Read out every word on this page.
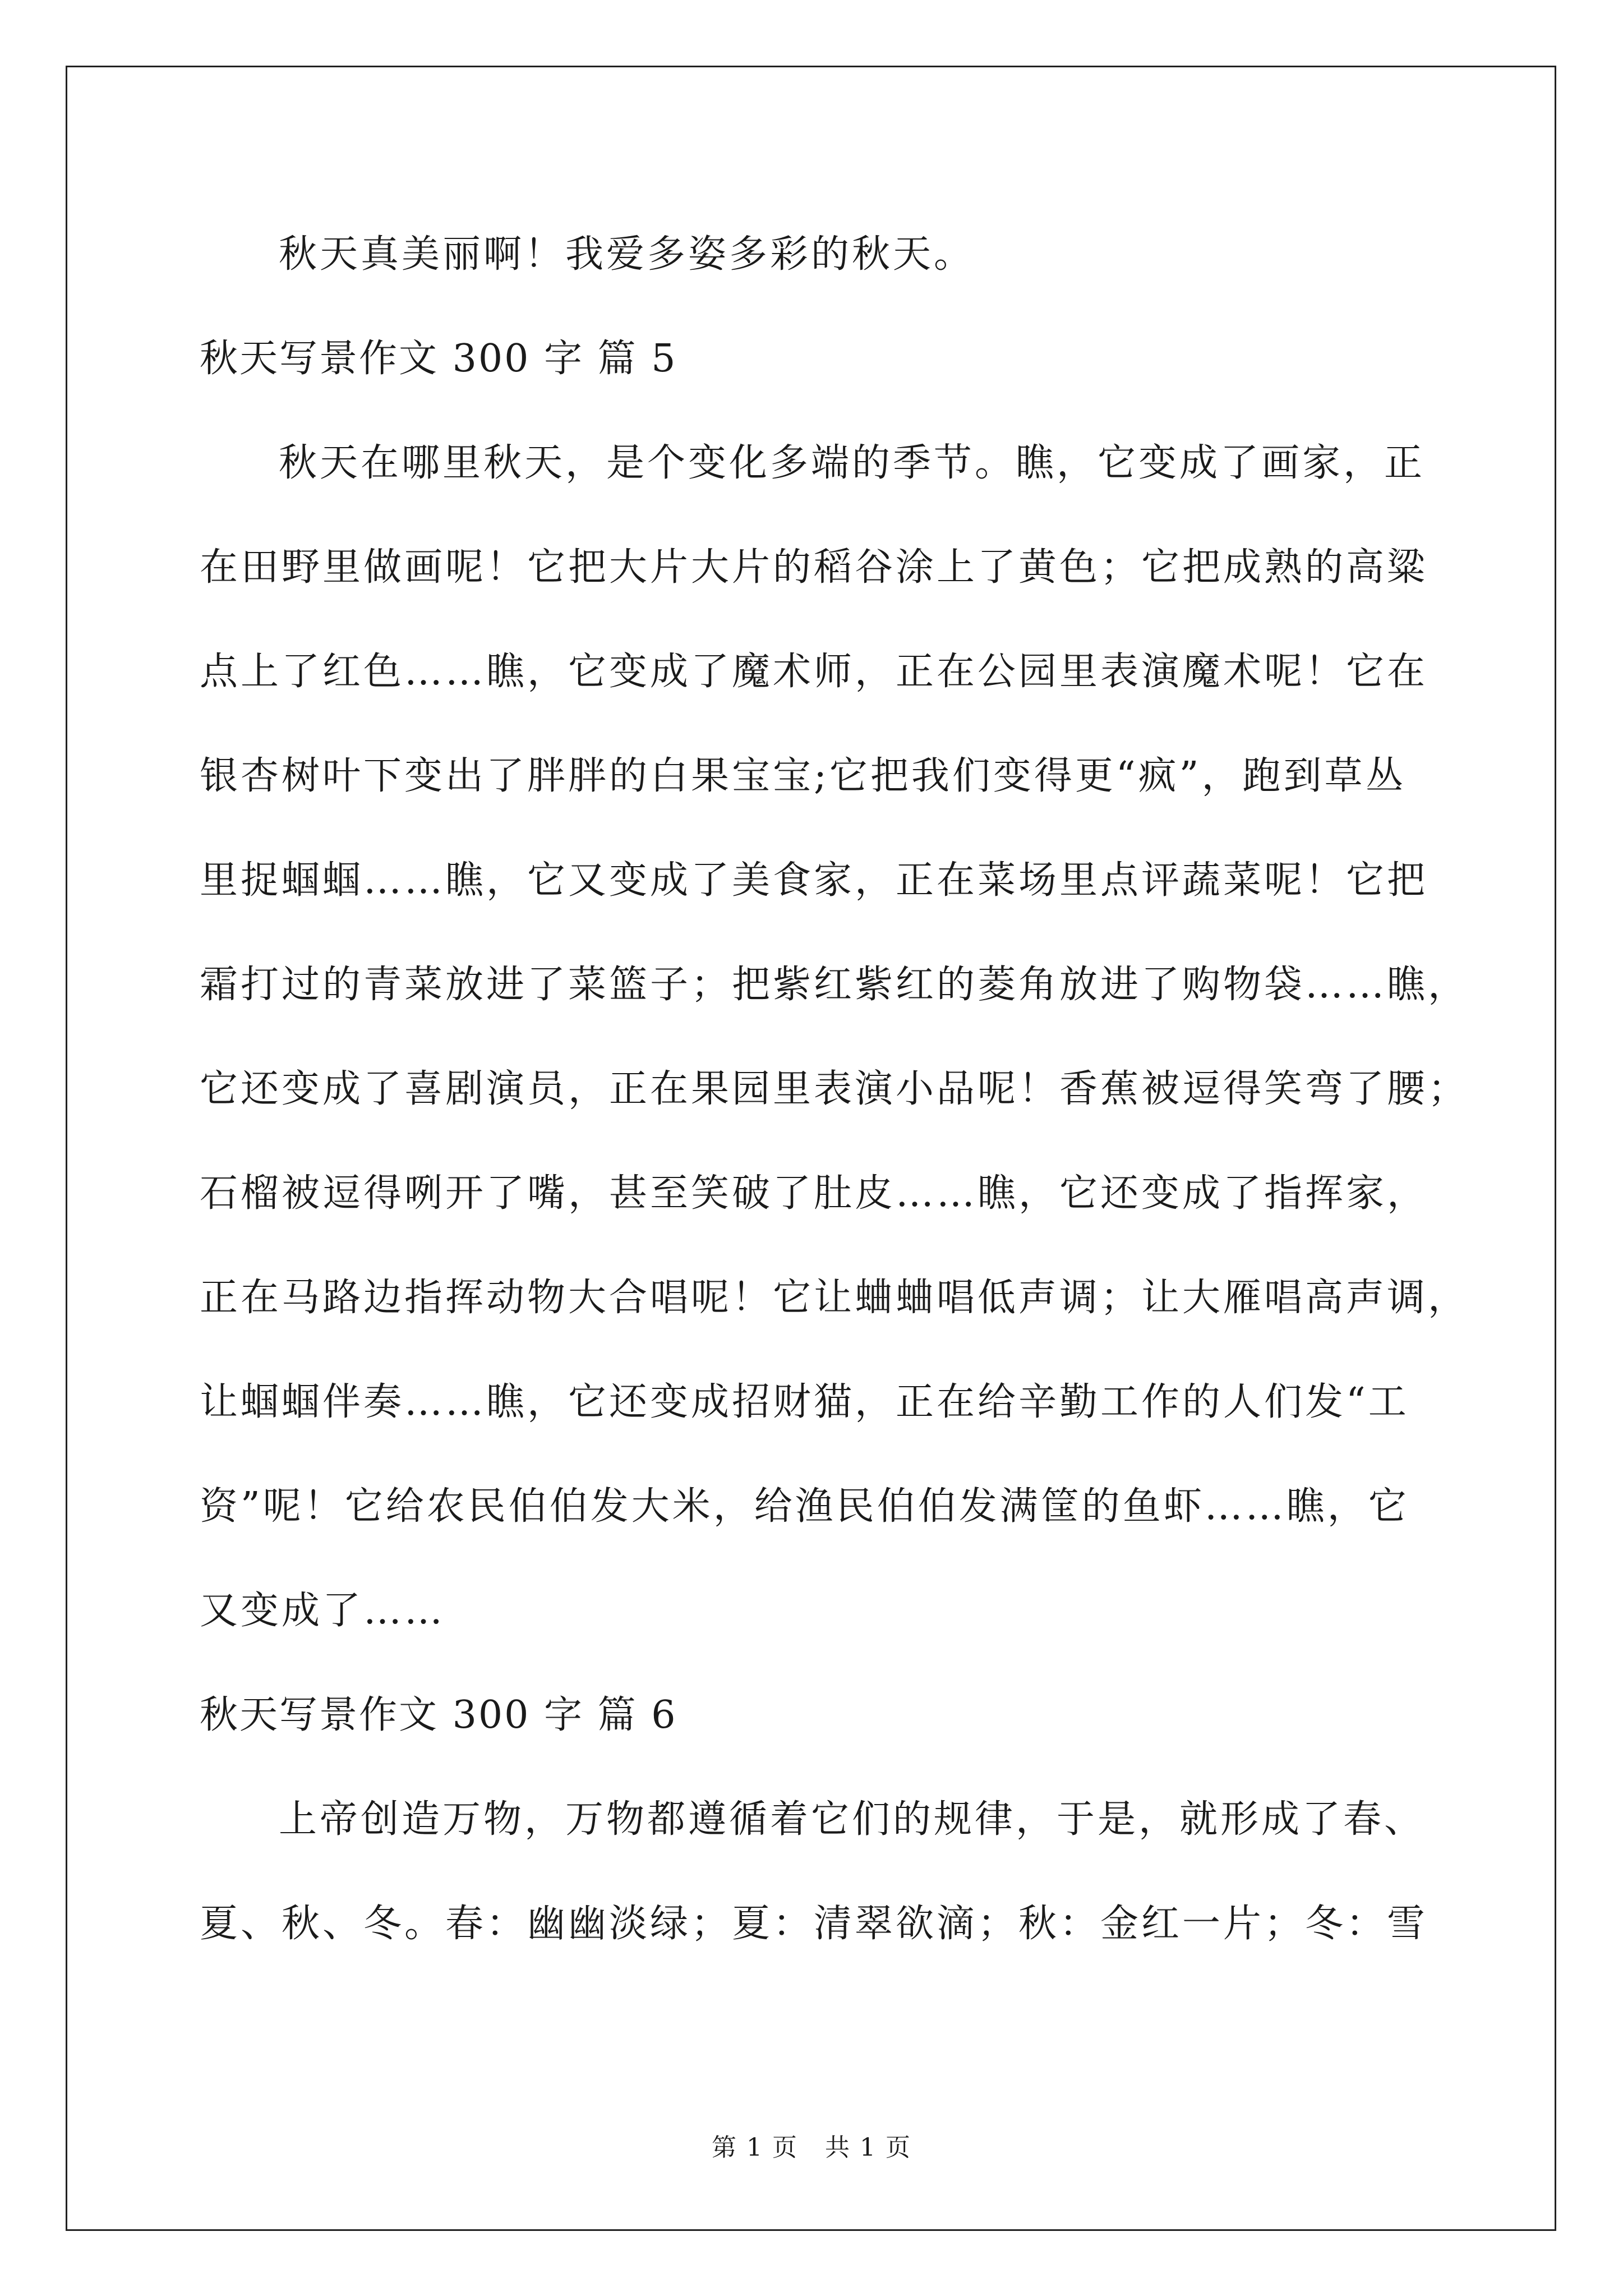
秋天真美丽啊！我爱多姿多彩的秋天。
秋天写景作文 300 字 篇 5
秋天在哪里秋天，是个变化多端的季节。瞧，它变成了画家，正
在田野里做画呢！它把大片大片的稻谷涂上了黄色；它把成熟的高粱
点上了红色……瞧，它变成了魔术师，正在公园里表演魔术呢！它在
银杏树叶下变出了胖胖的白果宝宝;它把我们变得更“疯”，跑到草丛
里捉蝈蝈……瞧，它又变成了美食家，正在菜场里点评蔬菜呢！它把
霜打过的青菜放进了菜篮子；把紫红紫红的菱角放进了购物袋……瞧，
它还变成了喜剧演员，正在果园里表演小品呢！香蕉被逗得笑弯了腰；
石榴被逗得咧开了嘴，甚至笑破了肚皮……瞧，它还变成了指挥家，
正在马路边指挥动物大合唱呢！它让蛐蛐唱低声调；让大雁唱高声调，
让蝈蝈伴奏……瞧，它还变成招财猫，正在给辛勤工作的人们发“工
资”呢！它给农民伯伯发大米，给渔民伯伯发满筐的鱼虾……瞧，它
又变成了……
秋天写景作文 300 字 篇 6
上帝创造万物，万物都遵循着它们的规律，于是，就形成了春、
夏、秋、冬。春：幽幽淡绿；夏：清翠欲滴；秋：金红一片；冬：雪
第 1 页   共 1 页
